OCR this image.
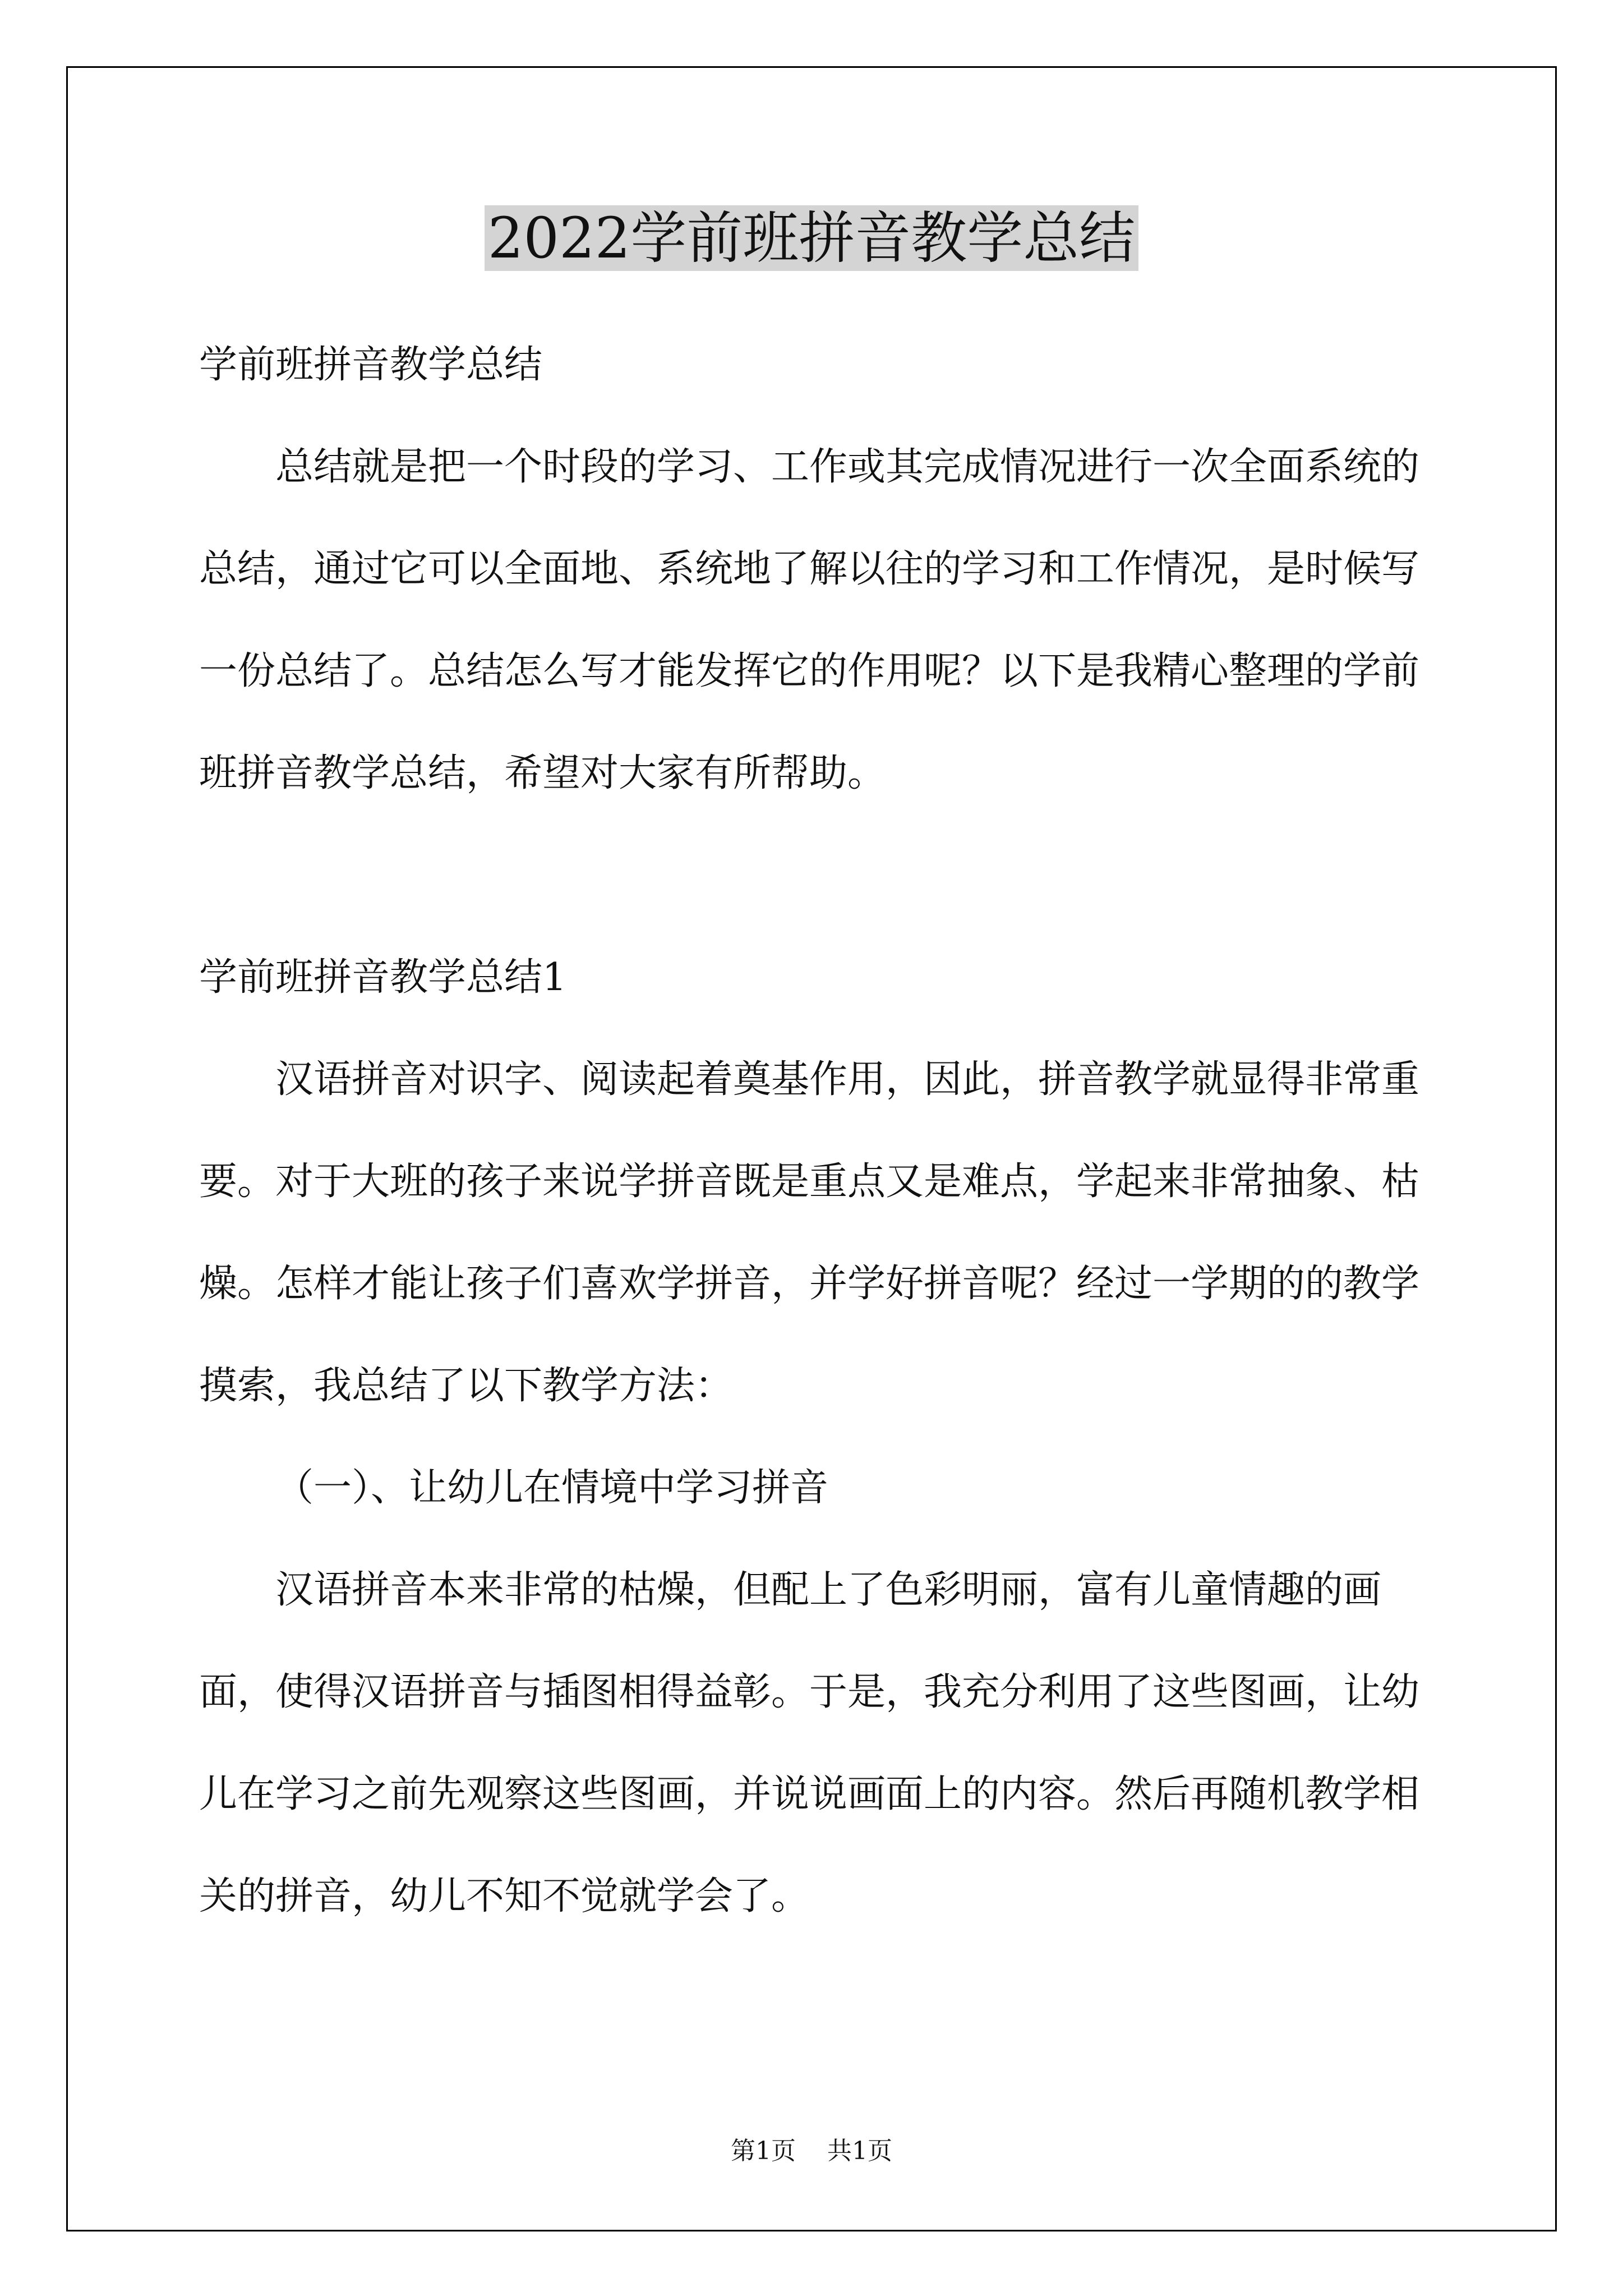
2022学前班拼音教学总结

学前班拼音教学总结

总结就是把一个时段的学习、工作或其完成情况进行一次全面系统的总结，通过它可以全面地、系统地了解以往的学习和工作情况，是时候写一份总结了。总结怎么写才能发挥它的作用呢？以下是我精心整理的学前班拼音教学总结，希望对大家有所帮助。

学前班拼音教学总结1

汉语拼音对识字、阅读起着奠基作用，因此，拼音教学就显得非常重要。对于大班的孩子来说学拼音既是重点又是难点，学起来非常抽象、枯燥。怎样才能让孩子们喜欢学拼音，并学好拼音呢？经过一学期的的教学摸索，我总结了以下教学方法：

（一）、让幼儿在情境中学习拼音

汉语拼音本来非常的枯燥，但配上了色彩明丽，富有儿童情趣的画面，使得汉语拼音与插图相得益彰。于是，我充分利用了这些图画，让幼儿在学习之前先观察这些图画，并说说画面上的内容。然后再随机教学相关的拼音，幼儿不知不觉就学会了。

第1页 共1页
